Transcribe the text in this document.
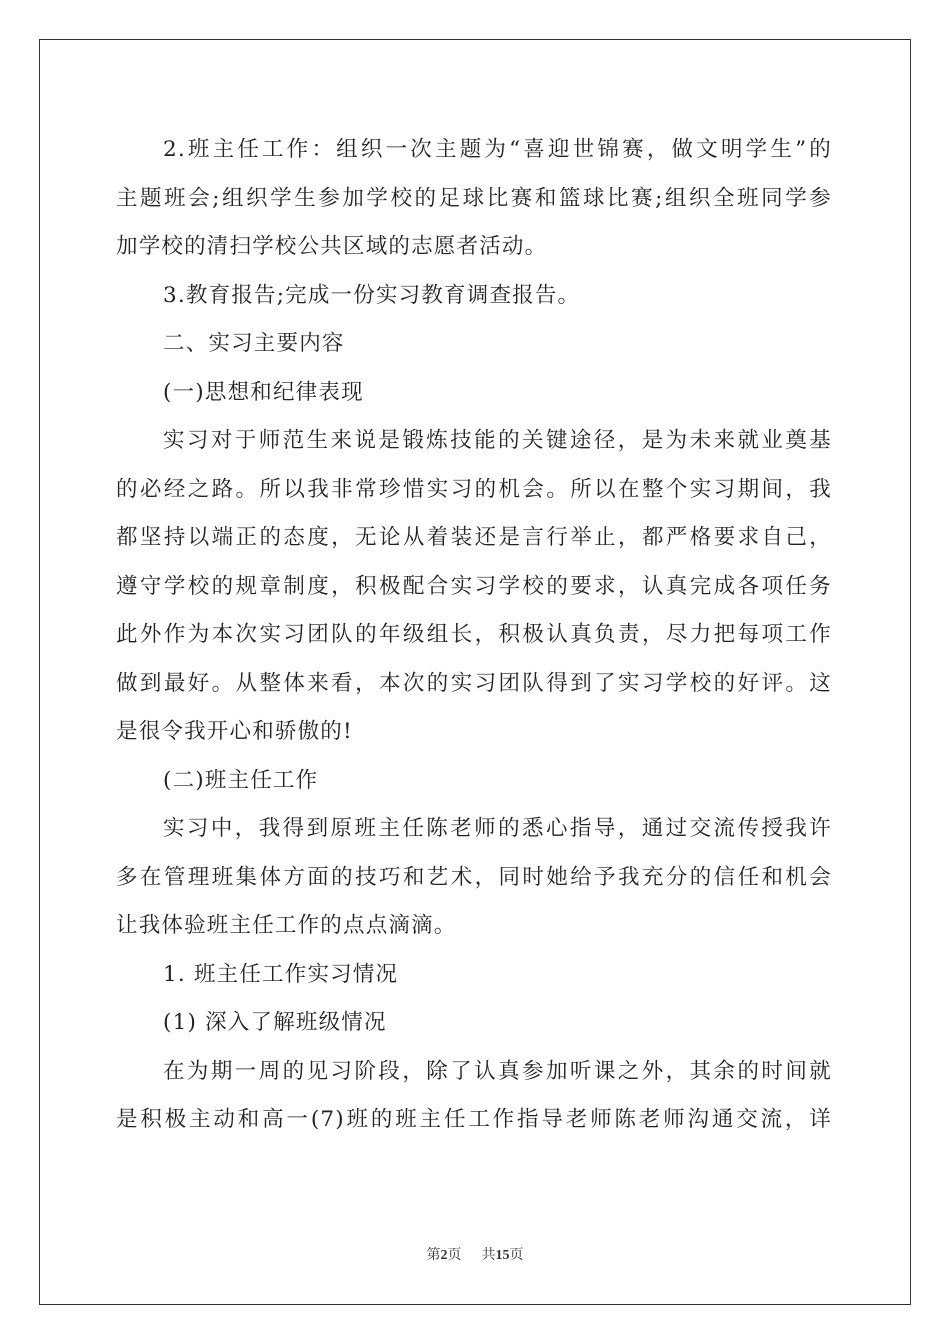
2.班主任工作：组织一次主题为“喜迎世锦赛，做文明学生”的
主题班会;组织学生参加学校的足球比赛和篮球比赛;组织全班同学参
加学校的清扫学校公共区域的志愿者活动。
3.教育报告;完成一份实习教育调查报告。
二、实习主要内容
(一)思想和纪律表现
实习对于师范生来说是锻炼技能的关键途径，是为未来就业奠基
的必经之路。所以我非常珍惜实习的机会。所以在整个实习期间，我
都坚持以端正的态度，无论从着装还是言行举止，都严格要求自己，
遵守学校的规章制度，积极配合实习学校的要求，认真完成各项任务
此外作为本次实习团队的年级组长，积极认真负责，尽力把每项工作
做到最好。从整体来看，本次的实习团队得到了实习学校的好评。这
是很令我开心和骄傲的!
(二)班主任工作
实习中，我得到原班主任陈老师的悉心指导，通过交流传授我许
多在管理班集体方面的技巧和艺术，同时她给予我充分的信任和机会
让我体验班主任工作的点点滴滴。
1. 班主任工作实习情况
(1) 深入了解班级情况
在为期一周的见习阶段，除了认真参加听课之外，其余的时间就
是积极主动和高一(7)班的班主任工作指导老师陈老师沟通交流，详
第2页 共15页
